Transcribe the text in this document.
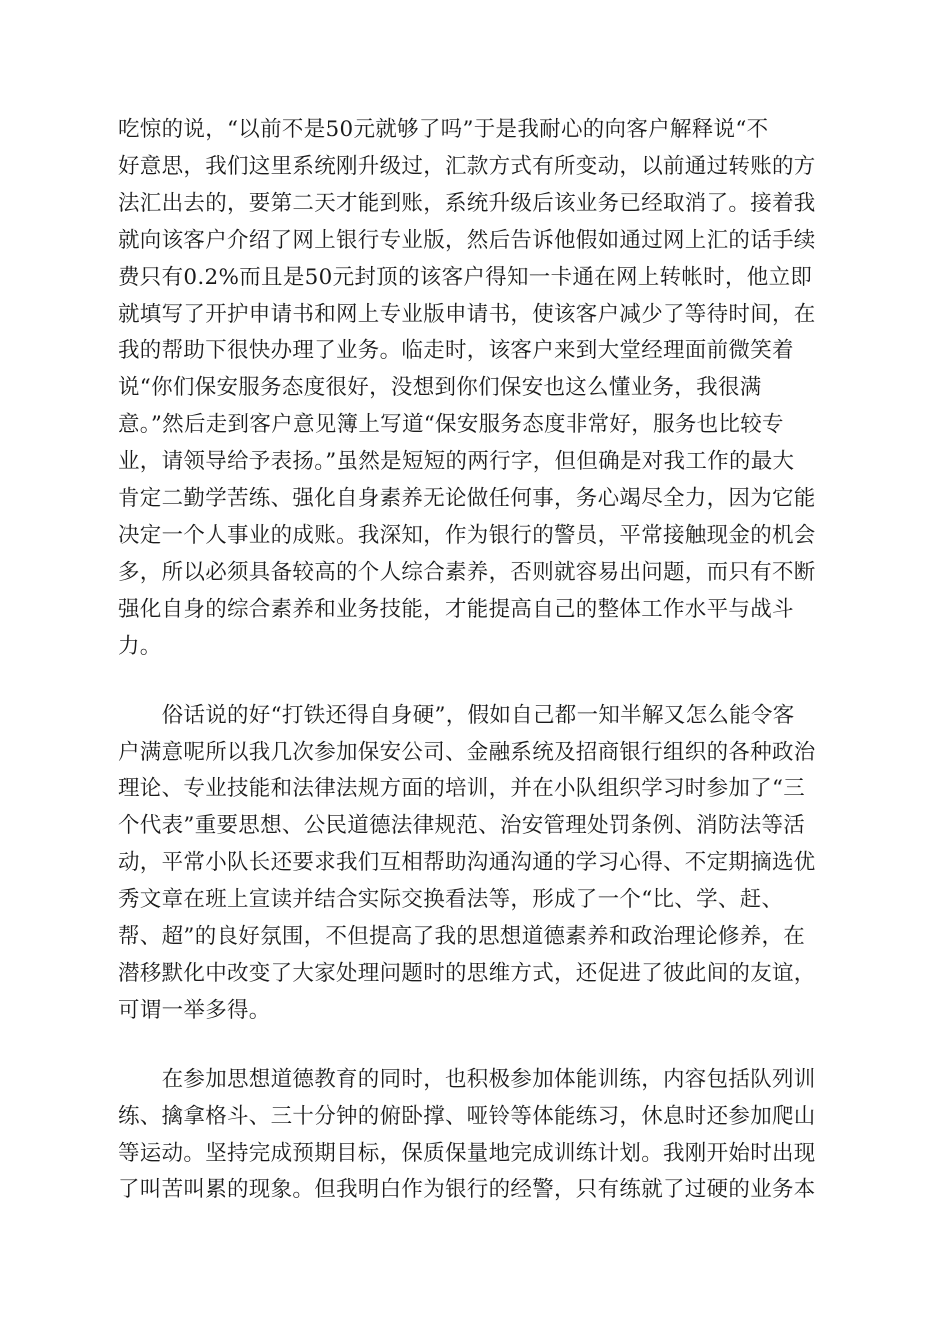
吃惊的说，“以前不是50元就够了吗”于是我耐心的向客户解释说“不
好意思，我们这里系统刚升级过，汇款方式有所变动，以前通过转账的方
法汇出去的，要第二天才能到账，系统升级后该业务已经取消了。接着我
就向该客户介绍了网上银行专业版，然后告诉他假如通过网上汇的话手续
费只有0.2%而且是50元封顶的该客户得知一卡通在网上转帐时，他立即
就填写了开护申请书和网上专业版申请书，使该客户减少了等待时间，在
我的帮助下很快办理了业务。临走时，该客户来到大堂经理面前微笑着
说“你们保安服务态度很好，没想到你们保安也这么懂业务，我很满
意。”然后走到客户意见簿上写道“保安服务态度非常好，服务也比较专
业，请领导给予表扬。”虽然是短短的两行字，但但确是对我工作的最大
肯定二勤学苦练、强化自身素养无论做任何事，务心竭尽全力，因为它能
决定一个人事业的成账。我深知，作为银行的警员，平常接触现金的机会
多，所以必须具备较高的个人综合素养，否则就容易出问题，而只有不断
强化自身的综合素养和业务技能，才能提高自己的整体工作水平与战斗
力。
　　俗话说的好“打铁还得自身硬”，假如自己都一知半解又怎么能令客
户满意呢所以我几次参加保安公司、金融系统及招商银行组织的各种政治
理论、专业技能和法律法规方面的培训，并在小队组织学习时参加了“三
个代表”重要思想、公民道德法律规范、治安管理处罚条例、消防法等活
动，平常小队长还要求我们互相帮助沟通沟通的学习心得、不定期摘选优
秀文章在班上宣读并结合实际交换看法等，形成了一个“比、学、赶、
帮、超”的良好氛围，不但提高了我的思想道德素养和政治理论修养，在
潜移默化中改变了大家处理问题时的思维方式，还促进了彼此间的友谊，
可谓一举多得。
　　在参加思想道德教育的同时，也积极参加体能训练，内容包括队列训
练、擒拿格斗、三十分钟的俯卧撑、哑铃等体能练习，休息时还参加爬山
等运动。坚持完成预期目标，保质保量地完成训练计划。我刚开始时出现
了叫苦叫累的现象。但我明白作为银行的经警，只有练就了过硬的业务本
